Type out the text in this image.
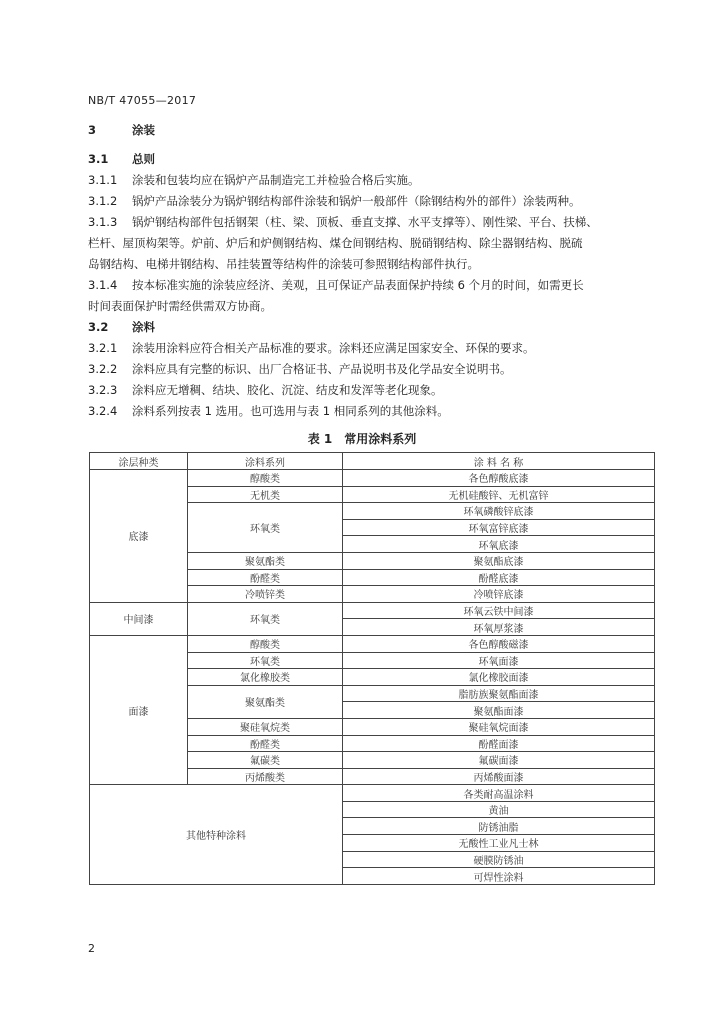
NB/T 47055—2017
3	涂装
3.1 总则
3.1.1 涂装和包装均应在锅炉产品制造完工并检验合格后实施。
3.1.2 锅炉产品涂装分为锅炉钢结构部件涂装和锅炉一般部件（除钢结构外的部件）涂装两种。
3.1.3 锅炉钢结构部件包括钢架（柱、梁、顶板、垂直支撑、水平支撑等）、刚性梁、平台、扶梯、
栏杆、屋顶构架等。炉前、炉后和炉侧钢结构、煤仓间钢结构、脱硝钢结构、除尘器钢结构、脱硫
岛钢结构、电梯井钢结构、吊挂装置等结构件的涂装可参照钢结构部件执行。
3.1.4 按本标准实施的涂装应经济、美观，且可保证产品表面保护持续 6 个月的时间，如需更长
时间表面保护时需经供需双方协商。
3.2 涂料
3.2.1 涂装用涂料应符合相关产品标准的要求。涂料还应满足国家安全、环保的要求。
3.2.2 涂料应具有完整的标识、出厂合格证书、产品说明书及化学品安全说明书。
3.2.3 涂料应无增稠、结块、胶化、沉淀、结皮和发浑等老化现象。
3.2.4 涂料系列按表 1 选用。也可选用与表 1 相同系列的其他涂料。
表 1　常用涂料系列
涂层种类	涂料系列	涂 料 名 称
底漆	醇酸类	各色醇酸底漆
	无机类	无机硅酸锌、无机富锌
	环氧类	环氧磷酸锌底漆
		环氧富锌底漆
		环氧底漆
	聚氨酯类	聚氨酯底漆
	酚醛类	酚醛底漆
	冷喷锌类	冷喷锌底漆
中间漆	环氧类	环氧云铁中间漆
		环氧厚浆漆
面漆	醇酸类	各色醇酸磁漆
	环氧类	环氧面漆
	氯化橡胶类	氯化橡胶面漆
	聚氨酯类	脂肪族聚氨酯面漆
		聚氨酯面漆
	聚硅氧烷类	聚硅氧烷面漆
	酚醛类	酚醛面漆
	氟碳类	氟碳面漆
	丙烯酸类	丙烯酸面漆
其他特种涂料		各类耐高温涂料
		黄油
		防锈油脂
		无酸性工业凡士林
		硬膜防锈油
		可焊性涂料
2
